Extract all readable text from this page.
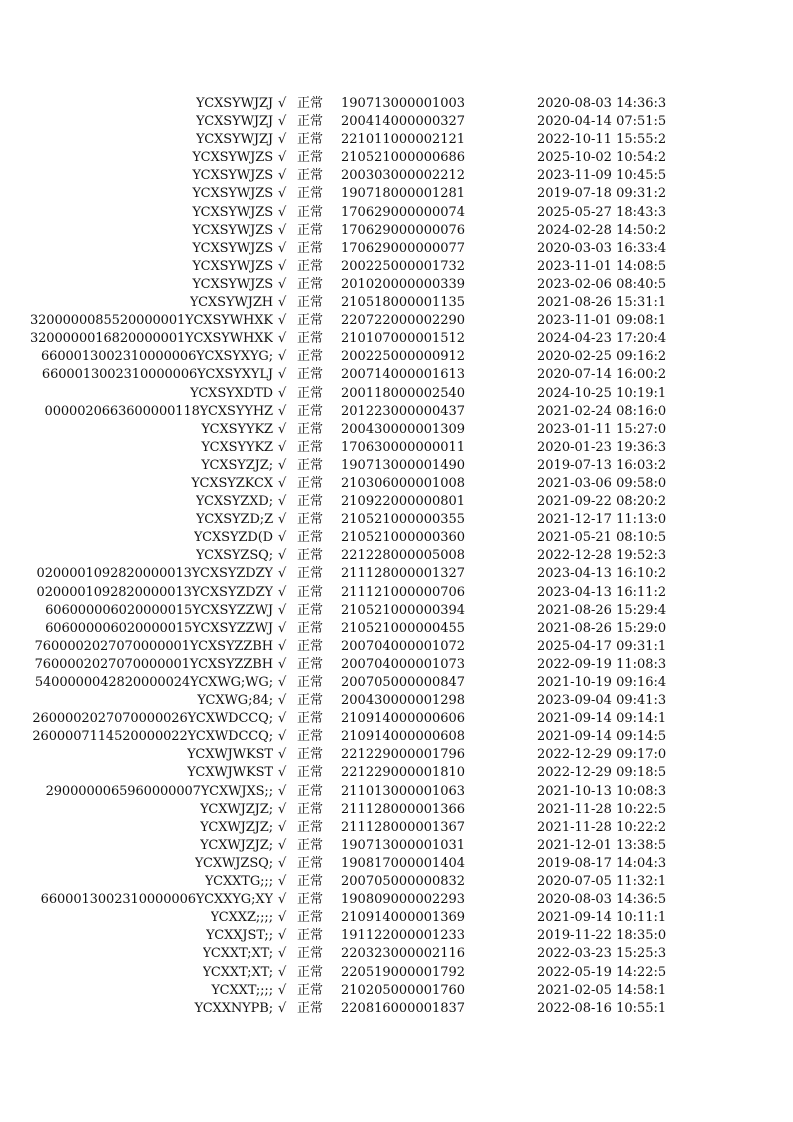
YCXSYWJZJ √ 正常 190713000001003	2020-08-03 14:36:3
YCXSYWJZJ √ 正常 200414000000327	2020-04-14 07:51:5
YCXSYWJZJ √ 正常 221011000002121	2022-10-11 15:55:2
YCXSYWJZS √ 正常 210521000000686	2025-10-02 10:54:2
YCXSYWJZS √ 正常 200303000002212	2023-11-09 10:45:5
YCXSYWJZS √ 正常 190718000001281	2019-07-18 09:31:2
YCXSYWJZS √ 正常 170629000000074	2025-05-27 18:43:3
YCXSYWJZS √ 正常 170629000000076	2024-02-28 14:50:2
YCXSYWJZS √ 正常 170629000000077	2020-03-03 16:33:4
YCXSYWJZS √ 正常 200225000001732	2023-11-01 14:08:5
YCXSYWJZS √ 正常 201020000000339	2023-02-06 08:40:5
YCXSYWJZH √ 正常 210518000001135	2021-08-26 15:31:1
3200000085520000001YCXSYWHXK √ 正常 220722000002290	2023-11-01 09:08:1
3200000016820000001YCXSYWHXK √ 正常 210107000001512	2024-04-23 17:20:4
6600013002310000006YCXSYXYG; √ 正常 200225000000912	2020-02-25 09:16:2
6600013002310000006YCXSYXYLJ √ 正常 200714000001613	2020-07-14 16:00:2
YCXSYXDTD √ 正常 200118000002540	2024-10-25 10:19:1
0000020663600000118YCXSYYHZ √ 正常 201223000000437	2021-02-24 08:16:0
YCXSYYKZ √ 正常 200430000001309	2023-01-11 15:27:0
YCXSYYKZ √ 正常 170630000000011	2020-01-23 19:36:3
YCXSYZJZ; √ 正常 190713000001490	2019-07-13 16:03:2
YCXSYZKCX √ 正常 210306000001008	2021-03-06 09:58:0
YCXSYZXD; √ 正常 210922000000801	2021-09-22 08:20:2
YCXSYZD;Z √ 正常 210521000000355	2021-12-17 11:13:0
YCXSYZD(D √ 正常 210521000000360	2021-05-21 08:10:5
YCXSYZSQ; √ 正常 221228000005008	2022-12-28 19:52:3
0200001092820000013YCXSYZDZY √ 正常 211128000001327	2023-04-13 16:10:2
0200001092820000013YCXSYZDZY √ 正常 211121000000706	2023-04-13 16:11:2
606000006020000015YCXSYZZWJ √ 正常 210521000000394	2021-08-26 15:29:4
606000006020000015YCXSYZZWJ √ 正常 210521000000455	2021-08-26 15:29:0
7600002027070000001YCXSYZZBH √ 正常 200704000001072	2025-04-17 09:31:1
7600002027070000001YCXSYZZBH √ 正常 200704000001073	2022-09-19 11:08:3
5400000042820000024YCXWG;WG; √ 正常 200705000000847	2021-10-19 09:16:4
YCXWG;84; √ 正常 200430000001298	2023-09-04 09:41:3
2600002027070000026YCXWDCCQ; √ 正常 210914000000606	2021-09-14 09:14:1
2600007114520000022YCXWDCCQ; √ 正常 210914000000608	2021-09-14 09:14:5
YCXWJWKST √ 正常 221229000001796	2022-12-29 09:17:0
YCXWJWKST √ 正常 221229000001810	2022-12-29 09:18:5
2900000065960000007YCXWJXS;; √ 正常 211013000001063	2021-10-13 10:08:3
YCXWJZJZ; √ 正常 211128000001366	2021-11-28 10:22:5
YCXWJZJZ; √ 正常 211128000001367	2021-11-28 10:22:2
YCXWJZJZ; √ 正常 190713000001031	2021-12-01 13:38:5
YCXWJZSQ; √ 正常 190817000001404	2019-08-17 14:04:3
YCXXTG;;; √ 正常 200705000000832	2020-07-05 11:32:1
6600013002310000006YCXXYG;XY √ 正常 190809000002293	2020-08-03 14:36:5
YCXXZ;;;; √ 正常 210914000001369	2021-09-14 10:11:1
YCXXJST;; √ 正常 191122000001233	2019-11-22 18:35:0
YCXXT;XT; √ 正常 220323000002116	2022-03-23 15:25:3
YCXXT;XT; √ 正常 220519000001792	2022-05-19 14:22:5
YCXXT;;;; √ 正常 210205000001760	2021-02-05 14:58:1
YCXXNYPB; √ 正常 220816000001837	2022-08-16 10:55:1
